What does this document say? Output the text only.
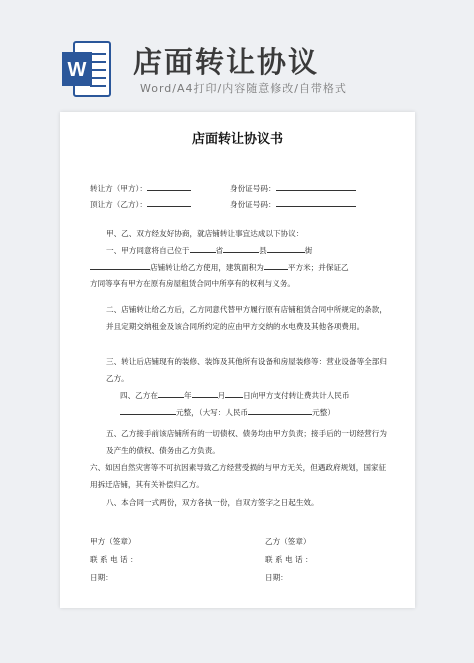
W 店面转让协议
Word/A4打印/内容随意修改/自带格式
店面转让协议书
转让方（甲方）：	身份证号码：
顶让方（乙方）：	身份证号码：
甲、乙、双方经友好协商，就店铺转让事宜达成以下协议：
一、甲方同意将自己位于	省	县	街
店铺转让给乙方使用，建筑面积为	平方米；并保证乙
方同等享有甲方在原有房屋租赁合同中所享有的权利与义务。
二、店铺转让给乙方后，乙方同意代替甲方履行原有店铺租赁合同中所规定的条款，并且定期交纳租金及该合同所约定的应由甲方交纳的水电费及其他各项费用。
三、转让后店铺现有的装修、装饰及其他所有设备和房屋装修等：营业设备等全部归乙方。
四、乙方在	年	月 日向甲方支付转让费共计人民币
元整，（大写：人民币	元整）
五、乙方接手前该店铺所有的一切债权、债务均由甲方负责；接手后的一切经营行为及产生的债权、债务由乙方负责。
六、如因自然灾害等不可抗因素导致乙方经营受损的与甲方无关，但遇政府规划，国家征用拆迁店铺，其有关补偿归乙方。
八、本合同一式两份，双方各执一份，自双方签字之日起生效。
甲方（签章）	乙方（签章）
联 系 电 话 ：	联 系 电 话 ：
日期：	日期：
